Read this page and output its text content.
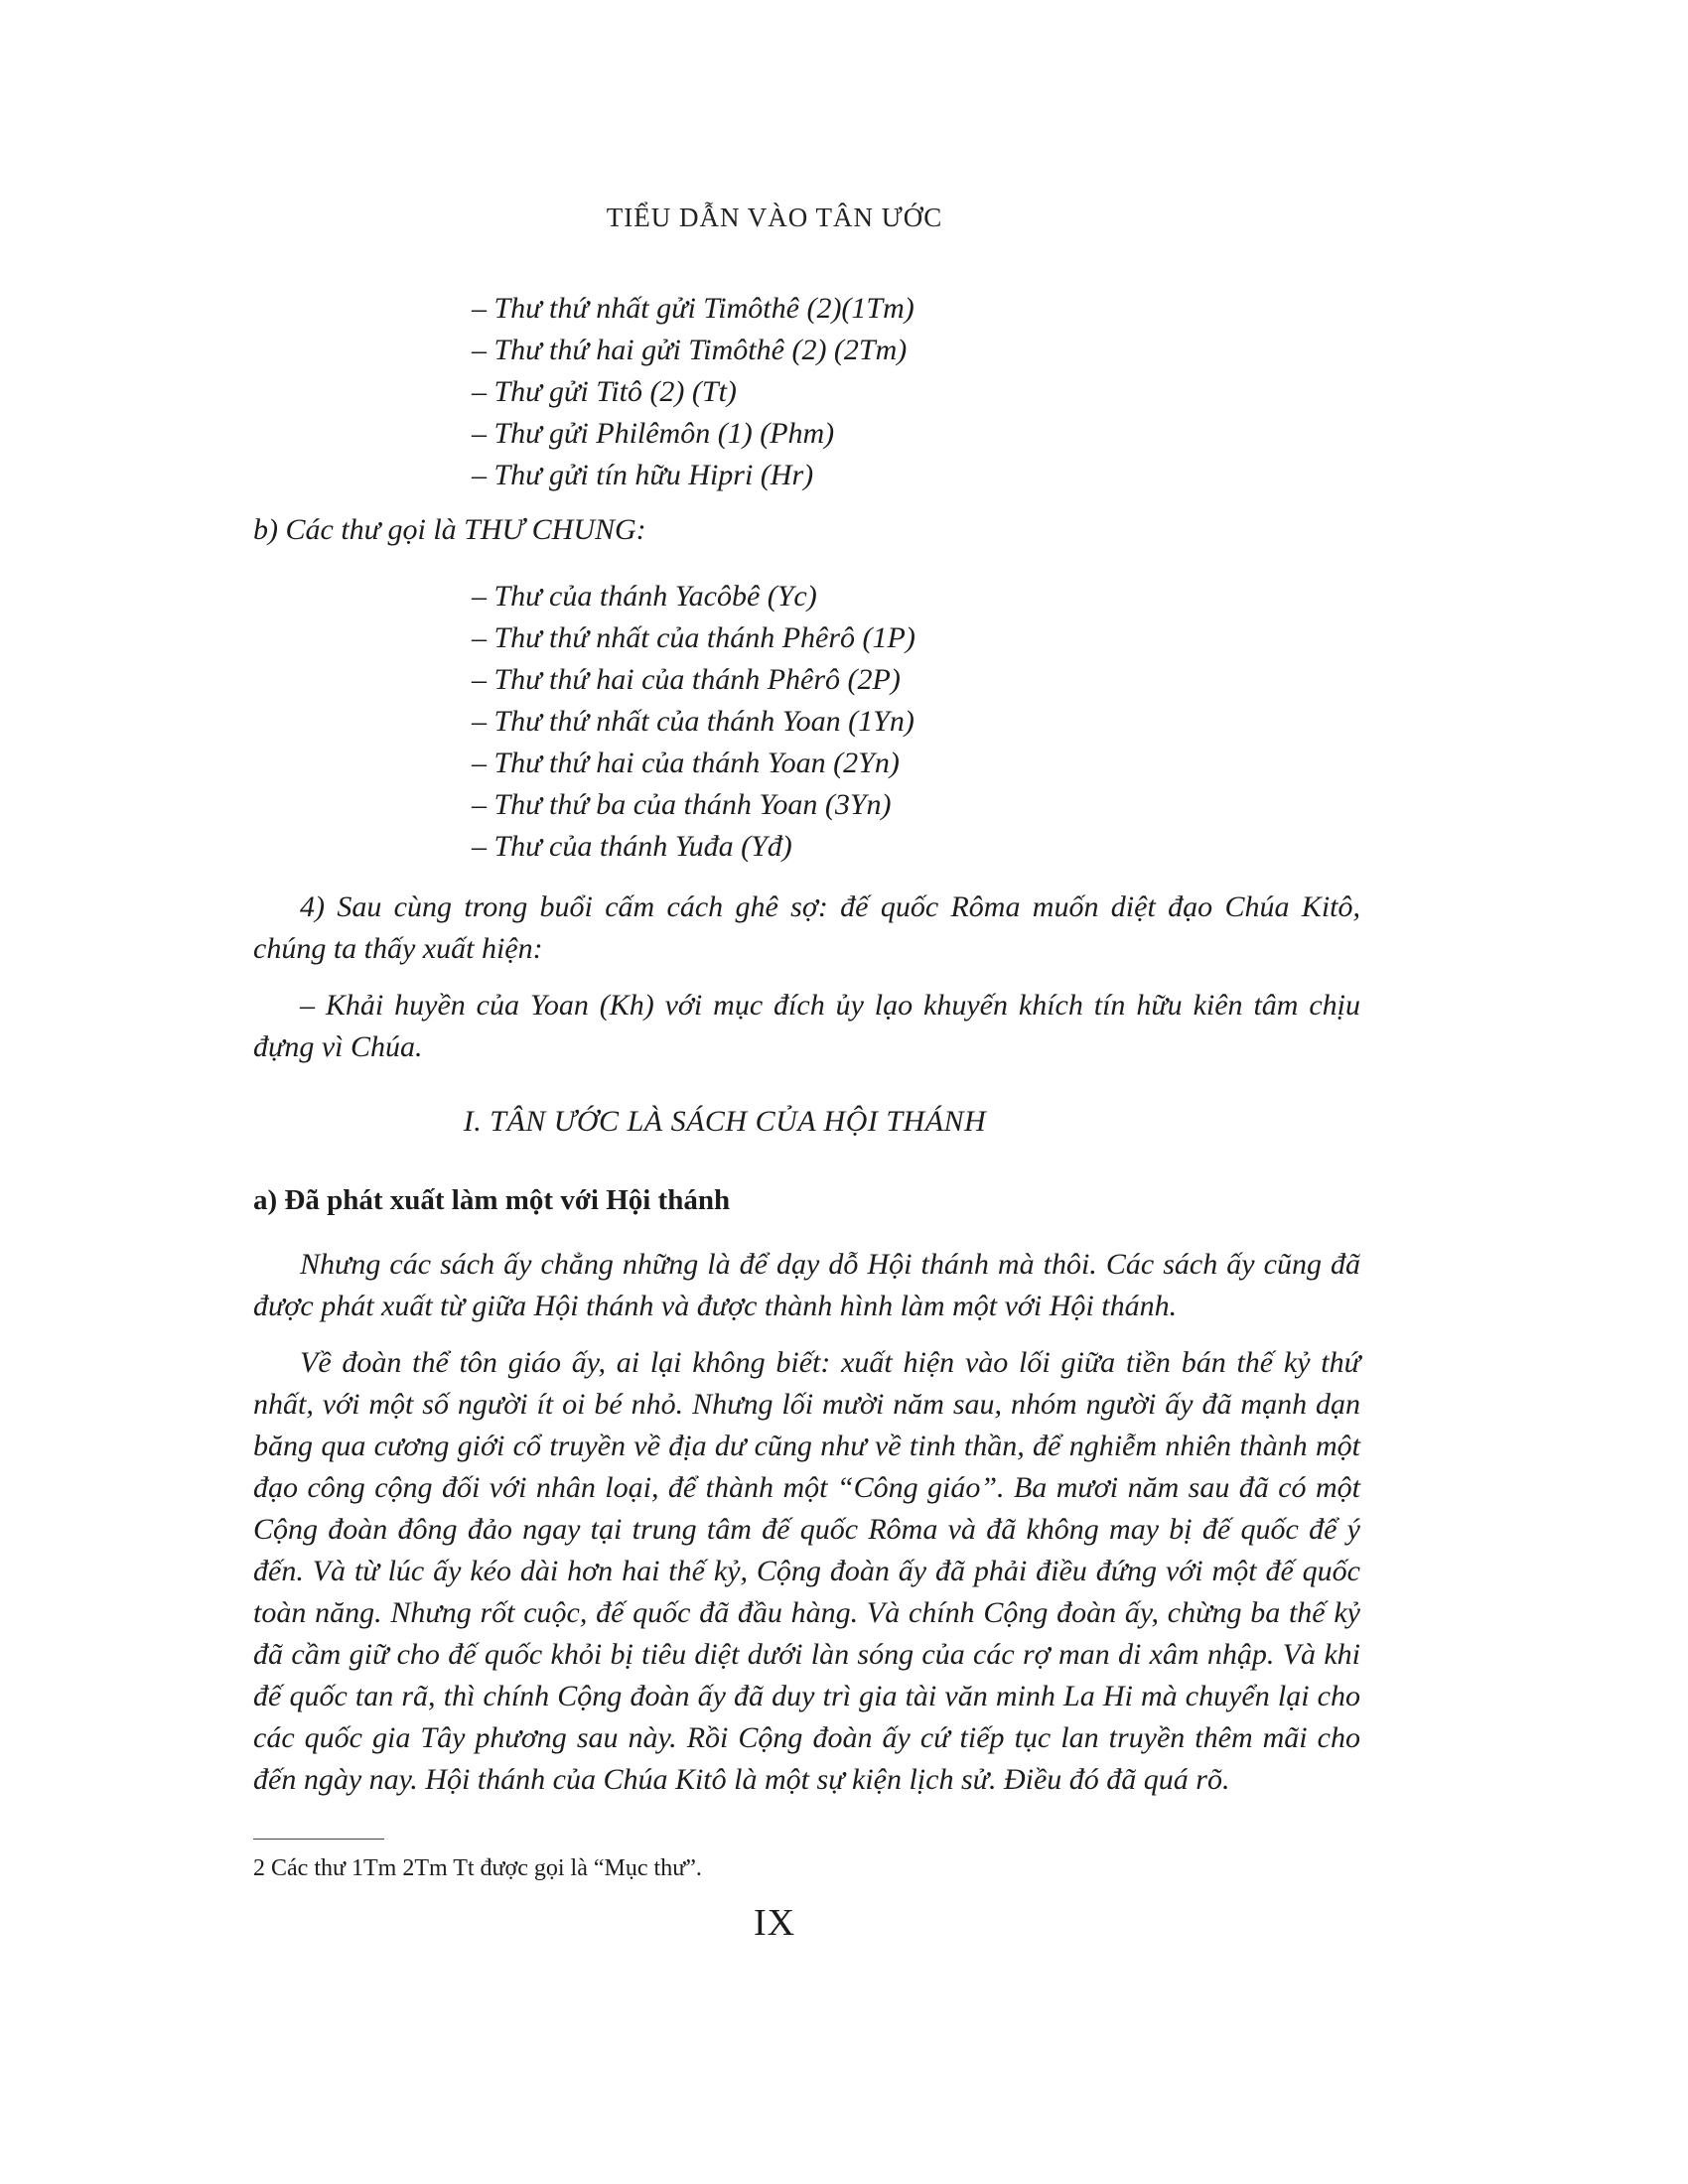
TIỂU DẪN VÀO TÂN ƯỚC
– Thư thứ nhất gửi Timôthê (2)(1Tm)
– Thư thứ hai gửi Timôthê (2) (2Tm)
– Thư gửi Titô (2) (Tt)
– Thư gửi Philêmôn (1) (Phm)
– Thư gửi tín hữu Hipri (Hr)
b) Các thư gọi là THƯ CHUNG:
– Thư của thánh Yacôbê (Yc)
– Thư thứ nhất của thánh Phêrô (1P)
– Thư thứ hai của thánh Phêrô (2P)
– Thư thứ nhất của thánh Yoan (1Yn)
– Thư thứ hai của thánh Yoan (2Yn)
– Thư thứ ba của thánh Yoan (3Yn)
– Thư của thánh Yuđa (Yđ)

4) Sau cùng trong buổi cấm cách ghê sợ: đế quốc Rôma muốn diệt đạo Chúa Kitô, chúng ta thấy xuất hiện:

– Khải huyền của Yoan (Kh) với mục đích ủy lạo khuyến khích tín hữu kiên tâm chịu đựng vì Chúa.

I. TÂN ƯỚC LÀ SÁCH CỦA HỘI THÁNH
a) Đã phát xuất làm một với Hội thánh

Nhưng các sách ấy chẳng những là để dạy dỗ Hội thánh mà thôi. Các sách ấy cũng đã được phát xuất từ giữa Hội thánh và được thành hình làm một với Hội thánh.

Về đoàn thể tôn giáo ấy, ai lại không biết: xuất hiện vào lối giữa tiền bán thế kỷ thứ nhất, với một số người ít oi bé nhỏ. Nhưng lối mười năm sau, nhóm người ấy đã mạnh dạn băng qua cương giới cổ truyền về địa dư cũng như về tinh thần, để nghiễm nhiên thành một đạo công cộng đối với nhân loại, để thành một “Công giáo”. Ba mươi năm sau đã có một Cộng đoàn đông đảo ngay tại trung tâm đế quốc Rôma và đã không may bị đế quốc để ý đến. Và từ lúc ấy kéo dài hơn hai thế kỷ, Cộng đoàn ấy đã phải điều đứng với một đế quốc toàn năng. Nhưng rốt cuộc, đế quốc đã đầu hàng. Và chính Cộng đoàn ấy, chừng ba thế kỷ đã cầm giữ cho đế quốc khỏi bị tiêu diệt dưới làn sóng của các rợ man di xâm nhập. Và khi đế quốc tan rã, thì chính Cộng đoàn ấy đã duy trì gia tài văn minh La Hi mà chuyển lại cho các quốc gia Tây phương sau này. Rồi Cộng đoàn ấy cứ tiếp tục lan truyền thêm mãi cho đến ngày nay. Hội thánh của Chúa Kitô là một sự kiện lịch sử. Điều đó đã quá rõ.

2 Các thư 1Tm 2Tm Tt được gọi là “Mục thư”.
IX
